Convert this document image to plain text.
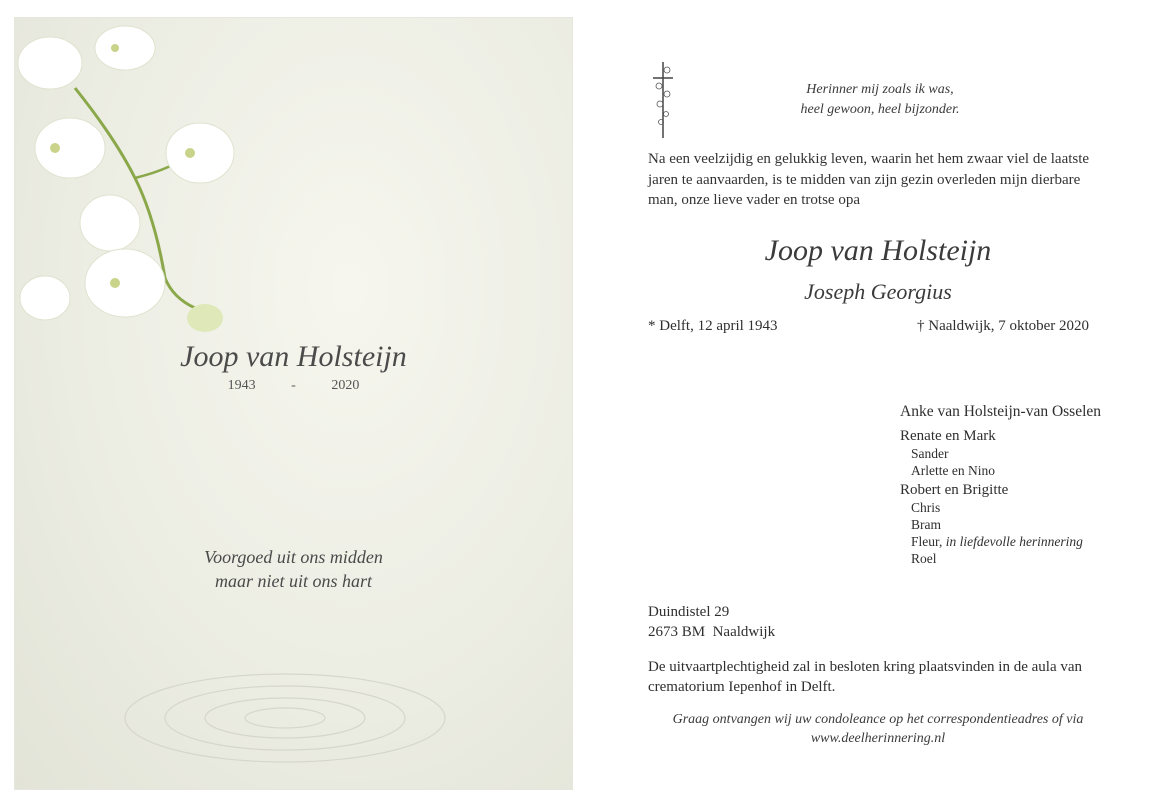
Joop van Holsteijn
1943	-	2020
Voorgoed uit ons midden
maar niet uit ons hart
Herinner mij zoals ik was,
heel gewoon, heel bijzonder.
Na een veelzijdig en gelukkig leven, waarin het hem zwaar viel de laatste
jaren te aanvaarden, is te midden van zijn gezin overleden mijn dierbare
man, onze lieve vader en trotse opa
Joop van Holsteijn
Joseph Georgius
* Delft, 12 april 1943	† Naaldwijk, 7 oktober 2020
Anke van Holsteijn-van Osselen
Renate en Mark
Sander
Arlette en Nino
Robert en Brigitte
Chris
Bram
Fleur, in liefdevolle herinnering
Roel
Duindistel 29
2673 BM  Naaldwijk
De uitvaartplechtigheid zal in besloten kring plaatsvinden in de aula van
crematorium Iepenhof in Delft.
Graag ontvangen wij uw condoleance op het correspondentieadres of via
www.deelherinnering.nl
